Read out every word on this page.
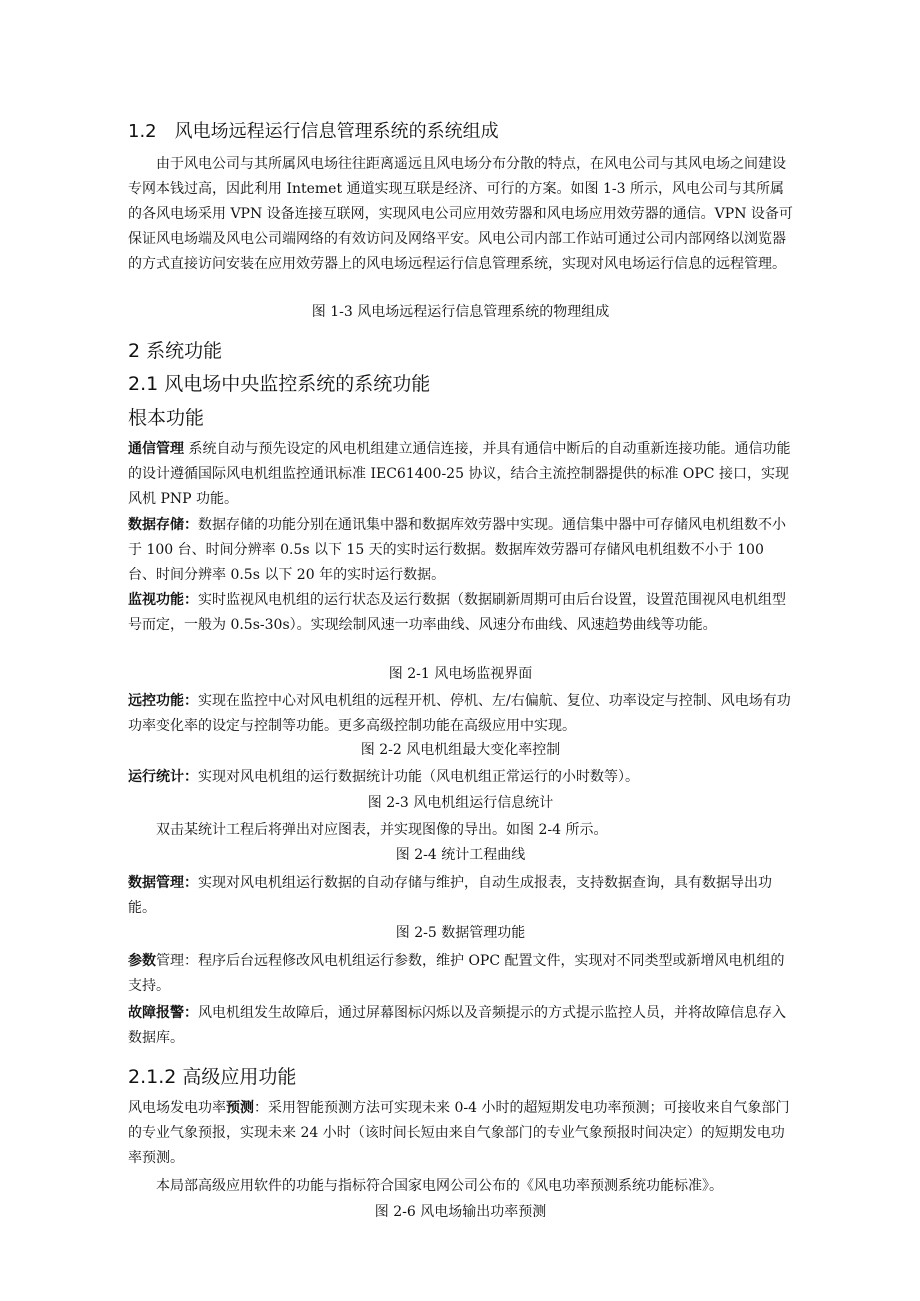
1.2 风电场远程运行信息管理系统的系统组成

由于风电公司与其所属风电场往往距离遥远且风电场分布分散的特点，在风电公司与其风电场之间建设专网本钱过高，因此利用 Intemet 通道实现互联是经济、可行的方案。如图 1-3 所示，风电公司与其所属的各风电场采用 VPN 设备连接互联网，实现风电公司应用效劳器和风电场应用效劳器的通信。VPN 设备可保证风电场端及风电公司端网络的有效访问及网络平安。风电公司内部工作站可通过公司内部网络以浏览器的方式直接访问安装在应用效劳器上的风电场远程运行信息管理系统，实现对风电场运行信息的远程管理。

图 1-3 风电场远程运行信息管理系统的物理组成

2 系统功能
2.1 风电场中央监控系统的系统功能
根本功能

通信管理 系统自动与预先设定的风电机组建立通信连接，并具有通信中断后的自动重新连接功能。通信功能的设计遵循国际风电机组监控通讯标准 IEC61400-25 协议，结合主流控制器提供的标准 OPC 接口，实现风机 PNP 功能。

数据存储：数据存储的功能分别在通讯集中器和数据库效劳器中实现。通信集中器中可存储风电机组数不小于 100 台、时间分辨率 0.5s 以下 15 天的实时运行数据。数据库效劳器可存储风电机组数不小于 100 台、时间分辨率 0.5s 以下 20 年的实时运行数据。

监视功能：实时监视风电机组的运行状态及运行数据（数据刷新周期可由后台设置，设置范围视风电机组型号而定，一般为 0.5s-30s）。实现绘制风速一功率曲线、风速分布曲线、风速趋势曲线等功能。

图 2-1 风电场监视界面

远控功能：实现在监控中心对风电机组的远程开机、停机、左/右偏航、复位、功率设定与控制、风电场有功功率变化率的设定与控制等功能。更多高级控制功能在高级应用中实现。

图 2-2 风电机组最大变化率控制

运行统计：实现对风电机组的运行数据统计功能（风电机组正常运行的小时数等）。

图 2-3 风电机组运行信息统计

双击某统计工程后将弹出对应图表，并实现图像的导出。如图 2-4 所示。

图 2-4 统计工程曲线

数据管理：实现对风电机组运行数据的自动存储与维护，自动生成报表，支持数据查询，具有数据导出功能。

图 2-5 数据管理功能

参数管理：程序后台远程修改风电机组运行参数，维护 OPC 配置文件，实现对不同类型或新增风电机组的支持。

故障报警：风电机组发生故障后，通过屏幕图标闪烁以及音频提示的方式提示监控人员，并将故障信息存入数据库。

2.1.2 高级应用功能

风电场发电功率预测：采用智能预测方法可实现未来 0-4 小时的超短期发电功率预测；可接收来自气象部门的专业气象预报，实现未来 24 小时（该时间长短由来自气象部门的专业气象预报时间决定）的短期发电功率预测。

本局部高级应用软件的功能与指标符合国家电网公司公布的《风电功率预测系统功能标准》。

图 2-6 风电场输出功率预测
